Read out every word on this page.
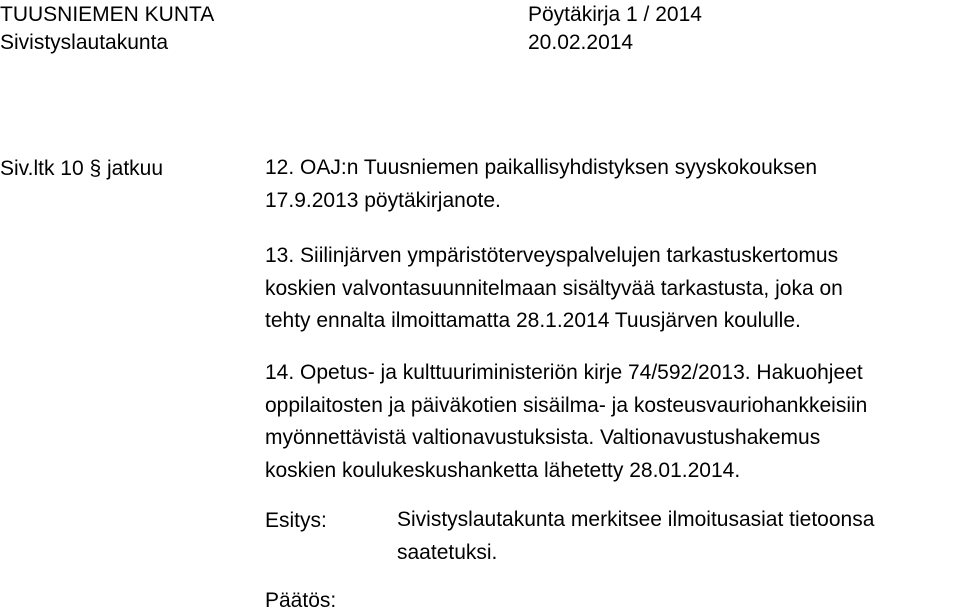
TUUSNIEMEN KUNTA
Sivistyslautakunta
Pöytäkirja 1 / 2014
20.02.2014
Siv.ltk 10 § jatkuu	12. OAJ:n Tuusniemen paikallisyhdistyksen syyskokouksen
17.9.2013 pöytäkirjanote.
13. Siilinjärven ympäristöterveyspalvelujen tarkastuskertomus
koskien valvontasuunnitelmaan sisältyvää tarkastusta, joka on
tehty ennalta ilmoittamatta 28.1.2014 Tuusjärven koululle.
14. Opetus- ja kulttuuriministeriön kirje 74/592/2013. Hakuohjeet
oppilaitosten ja päiväkotien sisäilma- ja kosteusvauriohankkeisiin
myönnettävistä valtionavustuksista. Valtionavustushakemus
koskien koulukeskushanketta lähetetty 28.01.2014.
Esitys:	Sivistyslautakunta merkitsee ilmoitusasiat tietoonsa
saatetuksi.
Päätös:
